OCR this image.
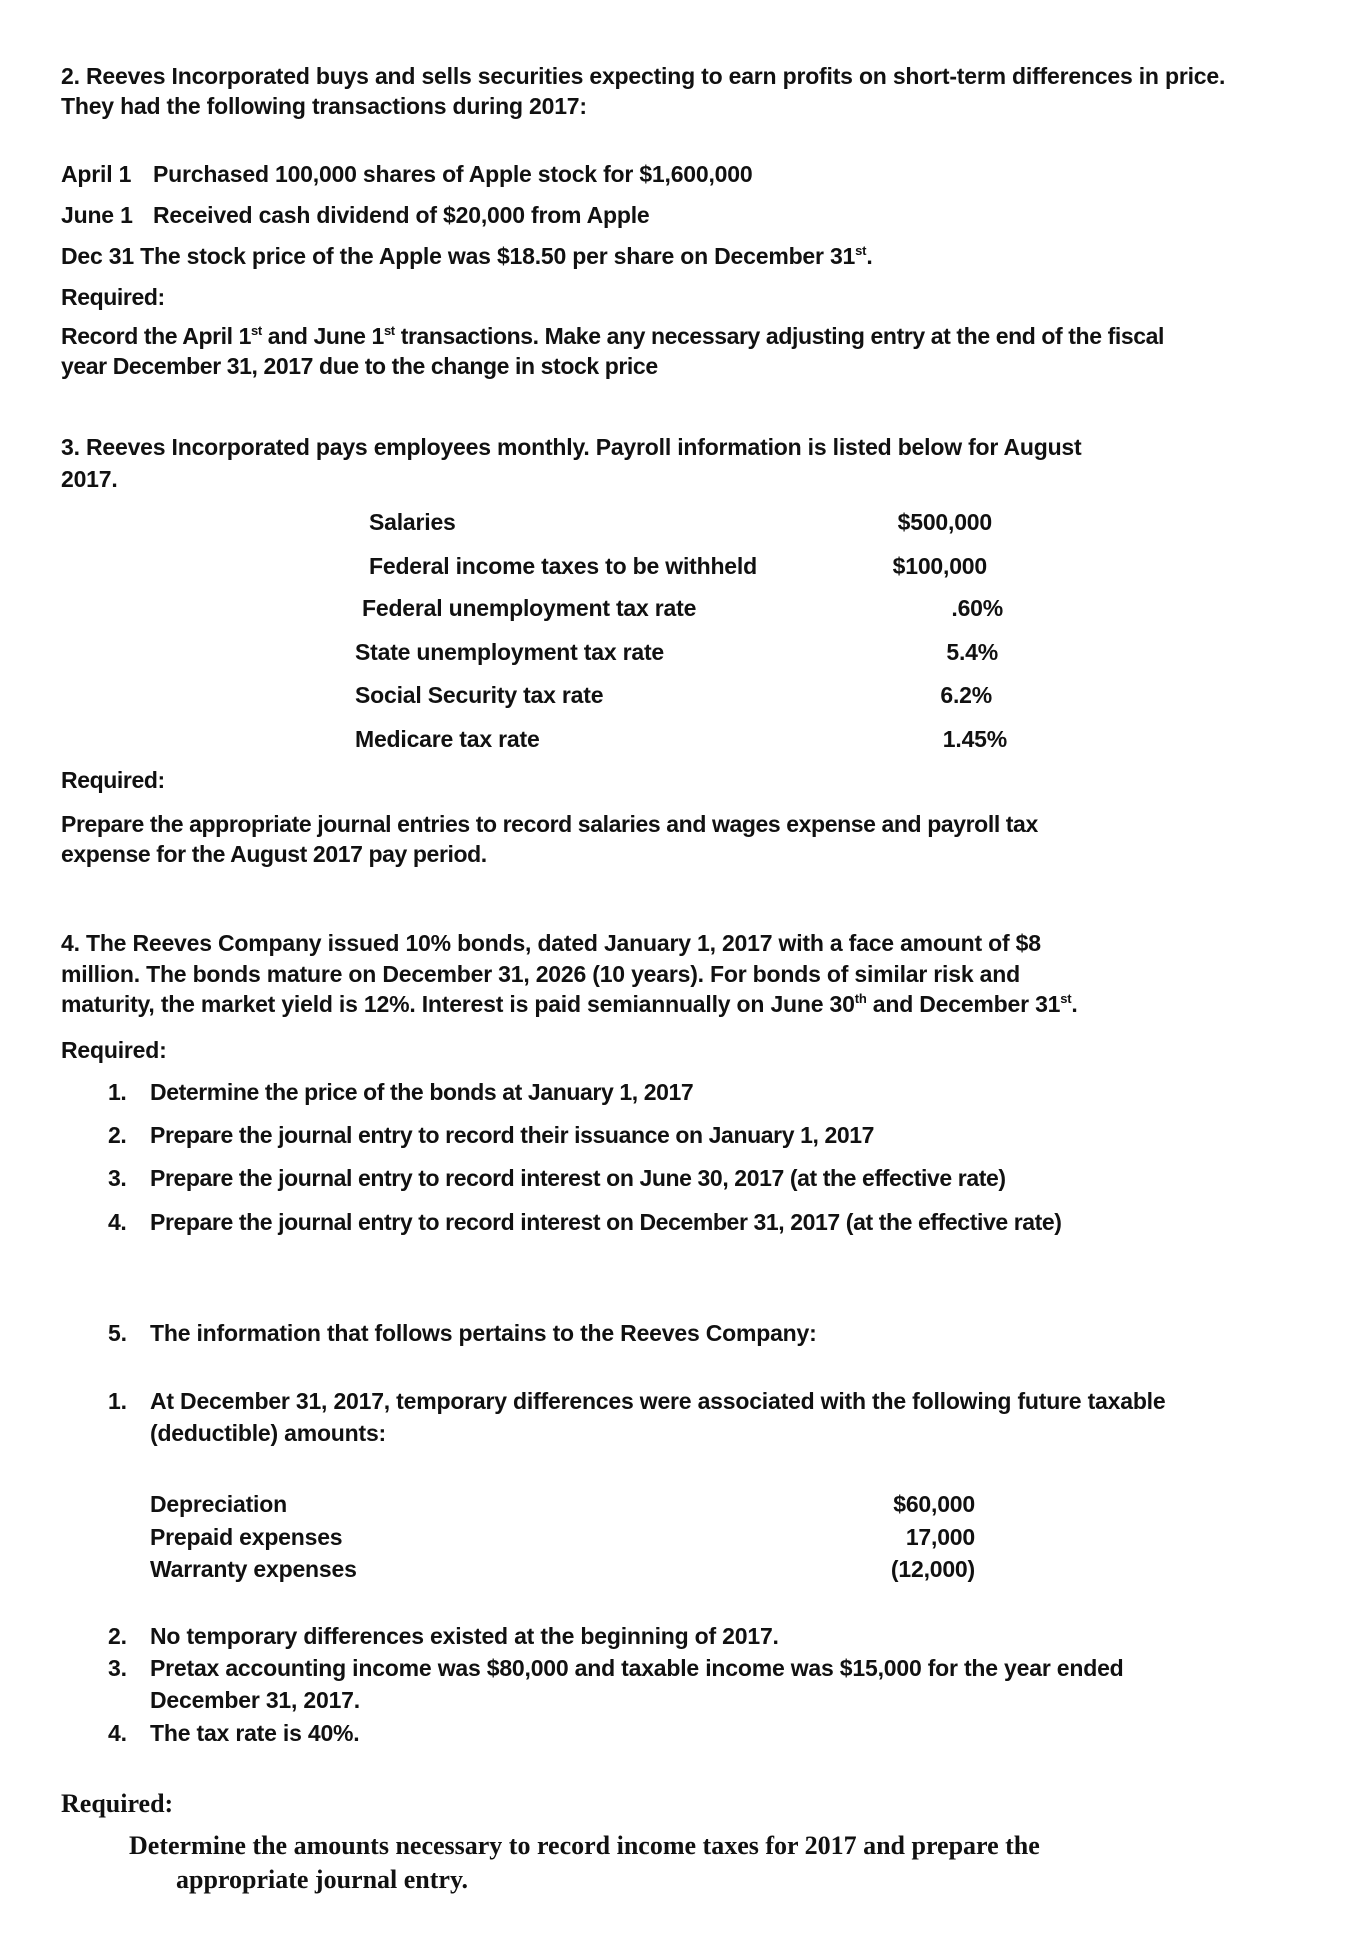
2. Reeves Incorporated buys and sells securities expecting to earn profits on short-term differences in price.
They had the following transactions during 2017:
April 1 Purchased 100,000 shares of Apple stock for $1,600,000
June 1 Received cash dividend of $20,000 from Apple
Dec 31 The stock price of the Apple was $18.50 per share on December 31st.
Required:
Record the April 1st and June 1st transactions. Make any necessary adjusting entry at the end of the fiscal
year December 31, 2017 due to the change in stock price
3. Reeves Incorporated pays employees monthly. Payroll information is listed below for August
2017.
Salaries	$500,000
Federal income taxes to be withheld	$100,000
Federal unemployment tax rate	.60%
State unemployment tax rate	5.4%
Social Security tax rate	6.2%
Medicare tax rate	1.45%
Required:
Prepare the appropriate journal entries to record salaries and wages expense and payroll tax
expense for the August 2017 pay period.
4. The Reeves Company issued 10% bonds, dated January 1, 2017 with a face amount of $8
million. The bonds mature on December 31, 2026 (10 years). For bonds of similar risk and
maturity, the market yield is 12%. Interest is paid semiannually on June 30th and December 31st.
Required:
1. Determine the price of the bonds at January 1, 2017
2. Prepare the journal entry to record their issuance on January 1, 2017
3. Prepare the journal entry to record interest on June 30, 2017 (at the effective rate)
4. Prepare the journal entry to record interest on December 31, 2017 (at the effective rate)
5. The information that follows pertains to the Reeves Company:
1. At December 31, 2017, temporary differences were associated with the following future taxable
(deductible) amounts:
Depreciation	$60,000
Prepaid expenses	17,000
Warranty expenses	(12,000)
2. No temporary differences existed at the beginning of 2017.
3. Pretax accounting income was $80,000 and taxable income was $15,000 for the year ended
December 31, 2017.
4. The tax rate is 40%.
Required:
Determine the amounts necessary to record income taxes for 2017 and prepare the
appropriate journal entry.
